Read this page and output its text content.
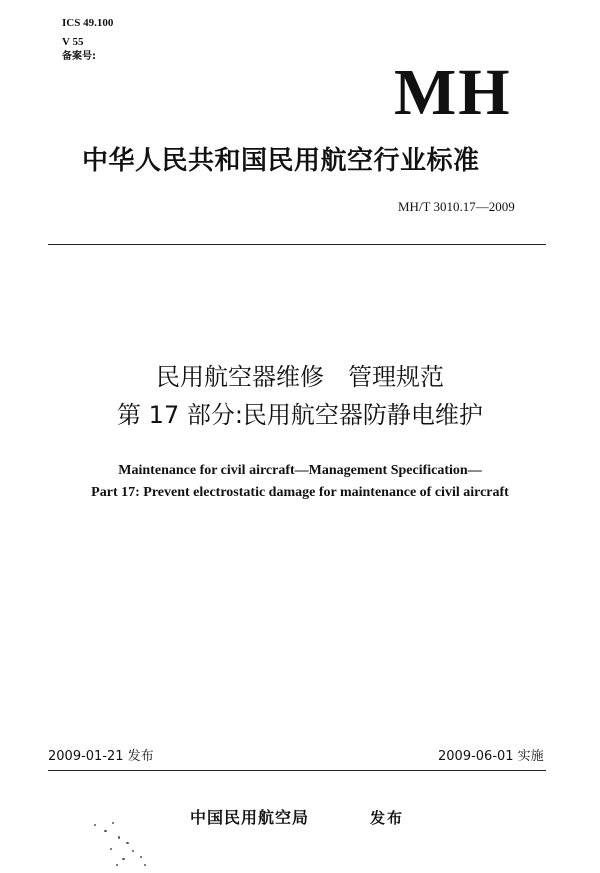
ICS 49.100
V 55
备案号:	MH
中华人民共和国民用航空行业标准
MH/T 3010.17—2009
民用航空器维修　管理规范
第 17 部分:民用航空器防静电维护
Maintenance for civil aircraft—Management Specification—
Part 17: Prevent electrostatic damage for maintenance of civil aircraft
2009-01-21 发布	2009-06-01 实施
中国民用航空局	发布
